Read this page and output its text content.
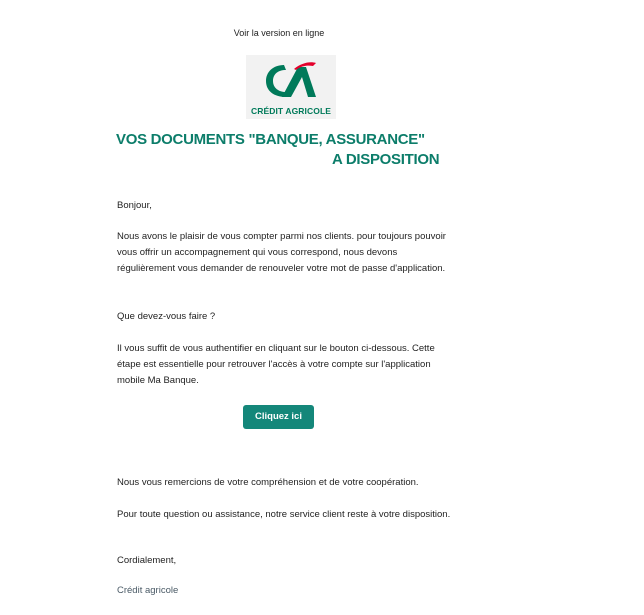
Voir la version en ligne
CRÉDIT AGRICOLE
VOS DOCUMENTS "BANQUE, ASSURANCE"
A DISPOSITION

Bonjour,

Nous avons le plaisir de vous compter parmi nos clients. pour toujours pouvoir vous offrir un accompagnement qui vous correspond, nous devons régulièrement vous demander de renouveler votre mot de passe d'application.

Que devez-vous faire ?

Il vous suffit de vous authentifier en cliquant sur le bouton ci-dessous. Cette étape est essentielle pour retrouver l'accès à votre compte sur l'application mobile Ma Banque.

Cliquez ici

Nous vous remercions de votre compréhension et de votre coopération.

Pour toute question ou assistance, notre service client reste à votre disposition.

Cordialement,

Crédit agricole
